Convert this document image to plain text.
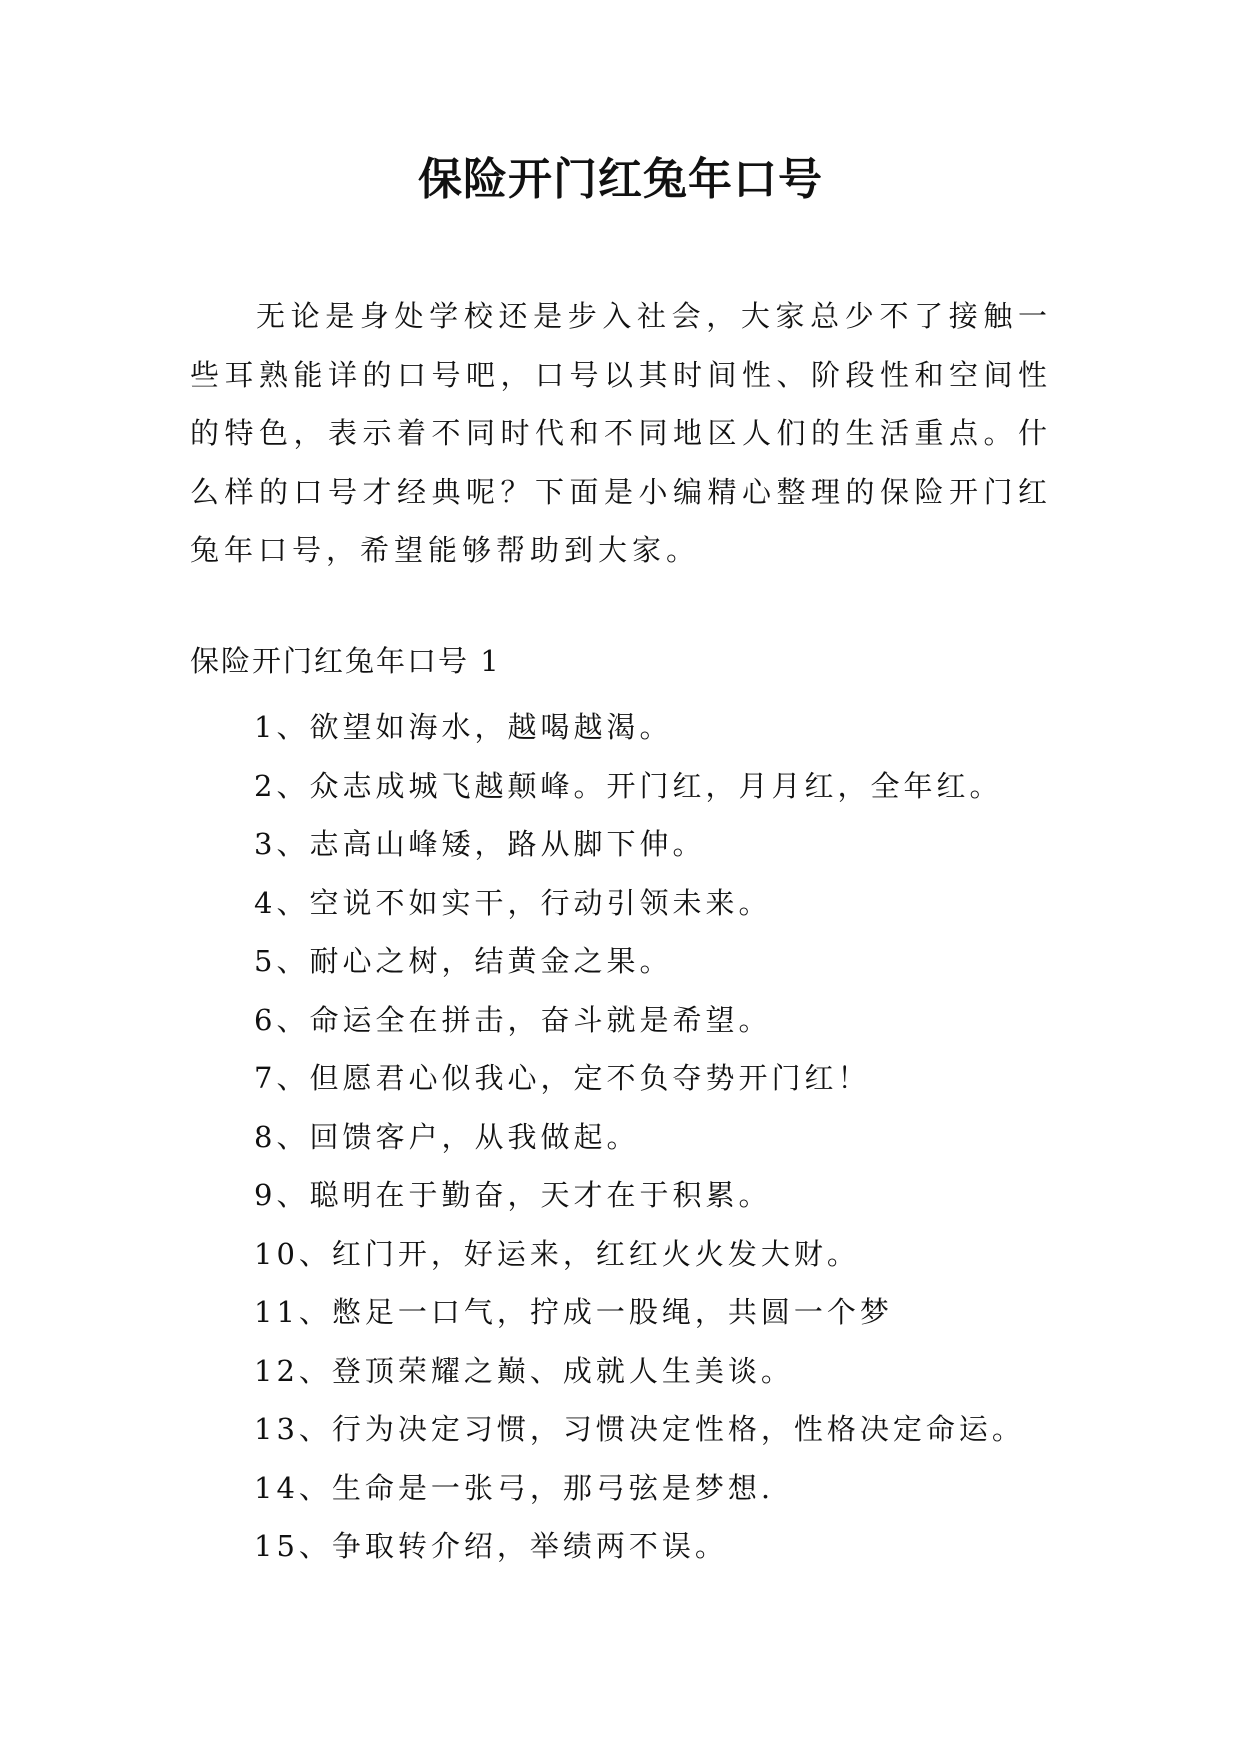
保险开门红兔年口号

无论是身处学校还是步入社会，大家总少不了接触一些耳熟能详的口号吧，口号以其时间性、阶段性和空间性的特色，表示着不同时代和不同地区人们的生活重点。什么样的口号才经典呢？下面是小编精心整理的保险开门红兔年口号，希望能够帮助到大家。

保险开门红兔年口号 1

1、欲望如海水，越喝越渴。
2、众志成城飞越颠峰。开门红，月月红，全年红。
3、志高山峰矮，路从脚下伸。
4、空说不如实干，行动引领未来。
5、耐心之树，结黄金之果。
6、命运全在拼击，奋斗就是希望。
7、但愿君心似我心，定不负夺势开门红！
8、回馈客户，从我做起。
9、聪明在于勤奋，天才在于积累。
10、红门开，好运来，红红火火发大财。
11、憋足一口气，拧成一股绳，共圆一个梦
12、登顶荣耀之巅、成就人生美谈。
13、行为决定习惯，习惯决定性格，性格决定命运。
14、生命是一张弓，那弓弦是梦想.
15、争取转介绍，举绩两不误。
